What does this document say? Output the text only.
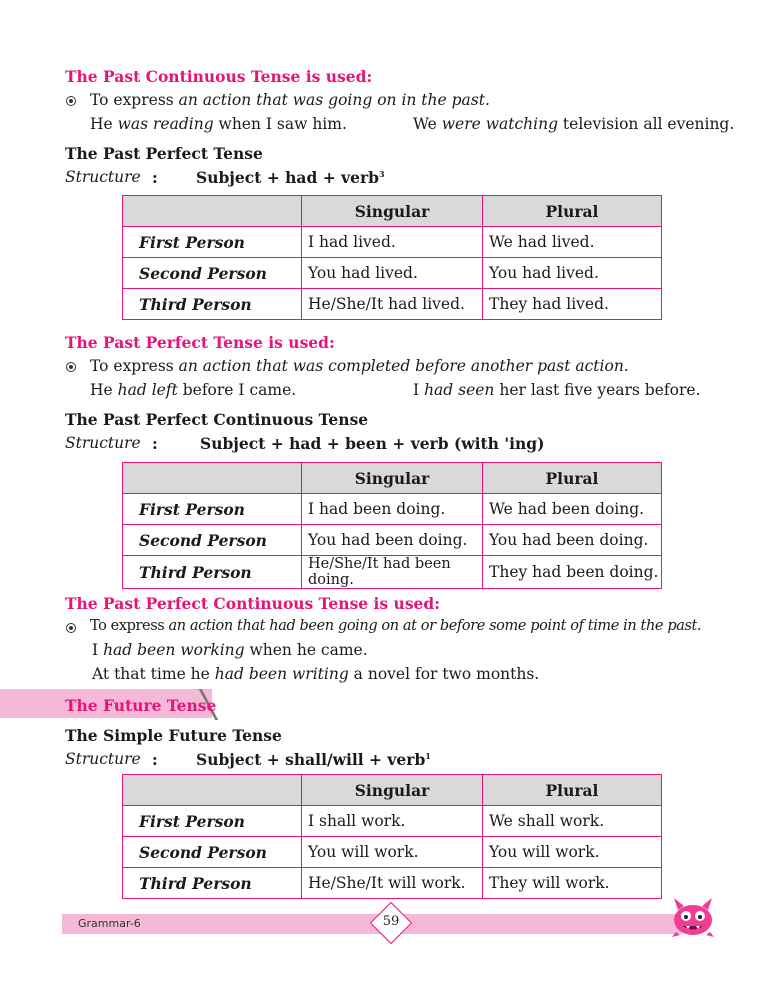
The Past Continuous Tense is used:
To express an action that was going on in the past.
He was reading when I saw him.	We were watching television all evening.
The Past Perfect Tense
Structure : Subject + had + verb$^3$
	Singular	Plural
First Person	I had lived.	We had lived.
Second Person	You had lived.	You had lived.
Third Person	He/She/It had lived.	They had lived.
The Past Perfect Tense is used:
To express an action that was completed before another past action.
He had left before I came.	I had seen her last five years before.
The Past Perfect Continuous Tense
Structure :	Subject + had + been + verb (with 'ing)
	Singular	Plural
First Person	I had been doing.	We had been doing.
Second Person	You had been doing.	You had been doing.
Third Person	He/She/It had been doing.	They had been doing.
The Past Perfect Continuous Tense is used:
To express an action that had been going on at or before some point of time in the past.
I had been working when he came.
At that time he had been writing a novel for two months.
The Future Tense
The Simple Future Tense
Structure : Subject + shall/will + verb$^1$
	Singular	Plural
First Person	I shall work.	We shall work.
Second Person	You will work.	You will work.
Third Person	He/She/It will work.	They will work.
Grammar-6	59
